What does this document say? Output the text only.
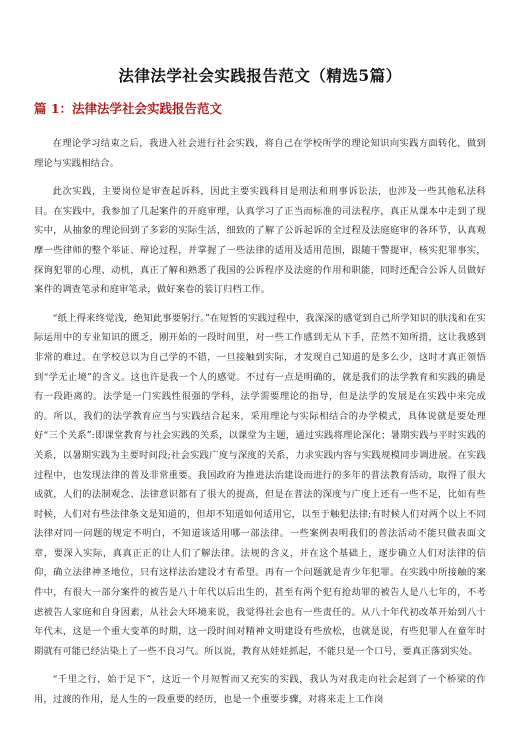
法律法学社会实践报告范文（精选5篇）
篇 1：法律法学社会实践报告范文

在理论学习结束之后，我进入社会进行社会实践，将自己在学校所学的理论知识向实践方面转化，做到理论与实践相结合。

此次实践，主要岗位是审查起诉科，因此主要实践科目是刑法和刑事诉讼法，也涉及一些其他私法科目。在实践中，我参加了几起案件的开庭审理，认真学习了正当而标准的司法程序，真正从课本中走到了现实中，从抽象的理论回到了多彩的实际生活，细致的了解了公诉起诉的全过程及法庭庭审的各环节，认真观摩一些律师的整个举证、辩论过程，并掌握了一些法律的适用及适用范围，跟随干警提审，核实犯罪事实，探询犯罪的心理、动机，真正了解和熟悉了我国的公诉程序及法庭的作用和职能，同时还配合公诉人员做好案件的调查笔录和庭审笔录，做好案卷的装订归档工作。

“纸上得来终觉浅，绝知此事要躬行。”在短暂的实践过程中，我深深的感觉到自己所学知识的肤浅和在实际运用中的专业知识的匮乏，刚开始的一段时间里，对一些工作感到无从下手，茫然不知所措，这让我感到非常的难过。在学校总以为自己学的不错，一旦接触到实际，才发现自己知道的是多么少，这时才真正领悟到“学无止境”的含义。这也许是我一个人的感觉。不过有一点是明确的，就是我们的法学教育和实践的确是有一段距离的。法学是一门实践性很强的学科，法学需要理论的指导，但是法学的发展是在实践中来完成的。所以，我们的法学教育应当与实践结合起来，采用理论与实际相结合的办学模式，具体说就是要处理好“三个关系”:即课堂教育与社会实践的关系，以课堂为主题，通过实践将理论深化；暑期实践与平时实践的关系，以暑期实践为主要时间段;社会实践广度与深度的关系，力求实践内容与实践规模同步调进展。在实践过程中，也发现法律的普及非常重要。我国政府为推进法治建设而进行的多年的普法教育活动，取得了很大成就，人们的法制观念、法律意识都有了很大的提高，但是在普法的深度与广度上还有一些不足，比如有些时候，人们对有些法律条文是知道的，但却不知道如何适用它，以至于触犯法律;有时候人们对两个以上不同法律对同一问题的规定不明白，不知道该适用哪一部法律。一些案例表明我们的普法活动不能只做表面文章，要深入实际，真真正正的让人们了解法律。法规的含义，并在这个基础上，逐步确立人们对法律的信仰，确立法律神圣地位，只有这样法治建设才有希望。再有一个问题就是青少年犯罪。在实践中所接触的案件中，有很大一部分案件的被告是八十年代以后出生的，甚至有两个犯有抢劫罪的被告人是八七年的，不考虑被告人家庭和自身因素，从社会大环境来说，我觉得社会也有一些责任的。从八十年代初改革开始到八十年代末，这是一个重大变革的时期，这一段时间对精神文明建设有些放松，也就是说，有些犯罪人在童年时期就有可能已经沾染上了一些不良习气。所以说，教育从娃娃抓起，不能只是一个口号，要真正落到实处。

“千里之行，始于足下”，这近一个月短暂而又充实的实践，我认为对我走向社会起到了一个桥梁的作用，过渡的作用，是人生的一段重要的经历，也是一个重要步骤，对将来走上工作岗
